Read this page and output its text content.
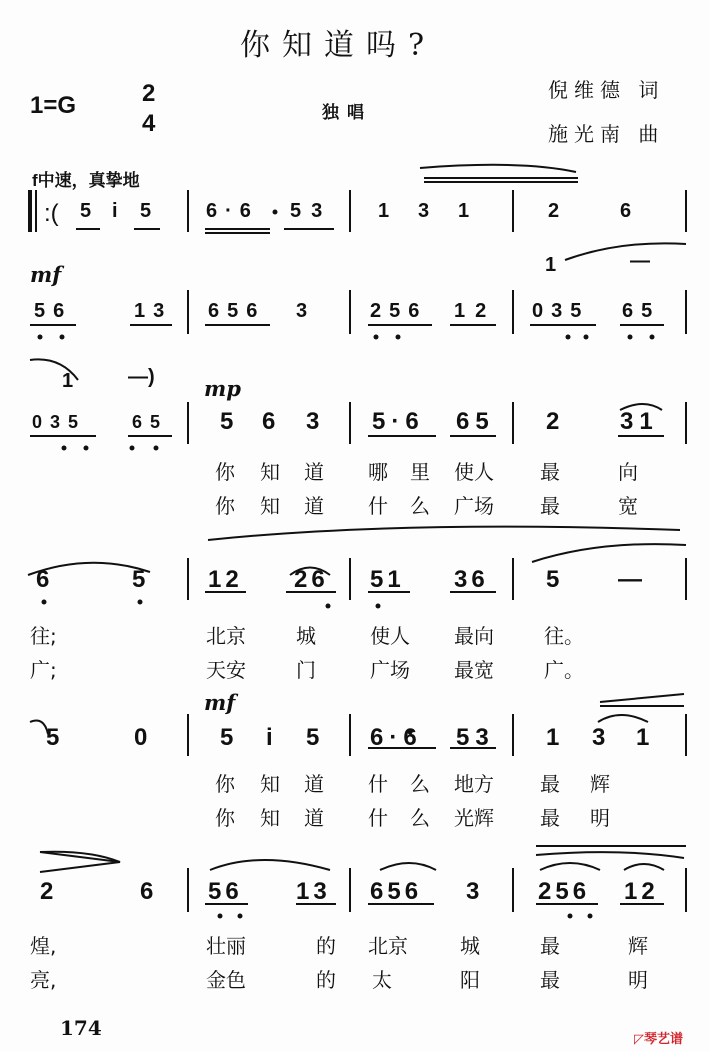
你知道吗?
1=G	2
4	独唱
倪维德 词
施光南 曲
f中速，真挚地
:( 5 i 5	6·6 53 1 3 1	2	6
mf	1	—
56	13 656 3	256 12 035 65
1	—) mp
035	65 5 6 3 5·6 65 2	31
你 知 道 哪 里 使人 最	向
你 知 道 什 么 广场 最	宽
6	5	12 26 51 36 5 —
往;	北京	城	使人 最向	往。
广;	天安	门	广场 最宽	广。
mf
5	0	5 i 5 6·6 53 1 3 1
你 知 道 什 么 地方 最 辉
你 知 道 什 么 光辉 最 明
2	6 56 13 656 3 256 12
煌,	壮丽	的 北京	城	最	辉
亮,	金色	的 太	阳	最	明
174	◸琴艺谱
